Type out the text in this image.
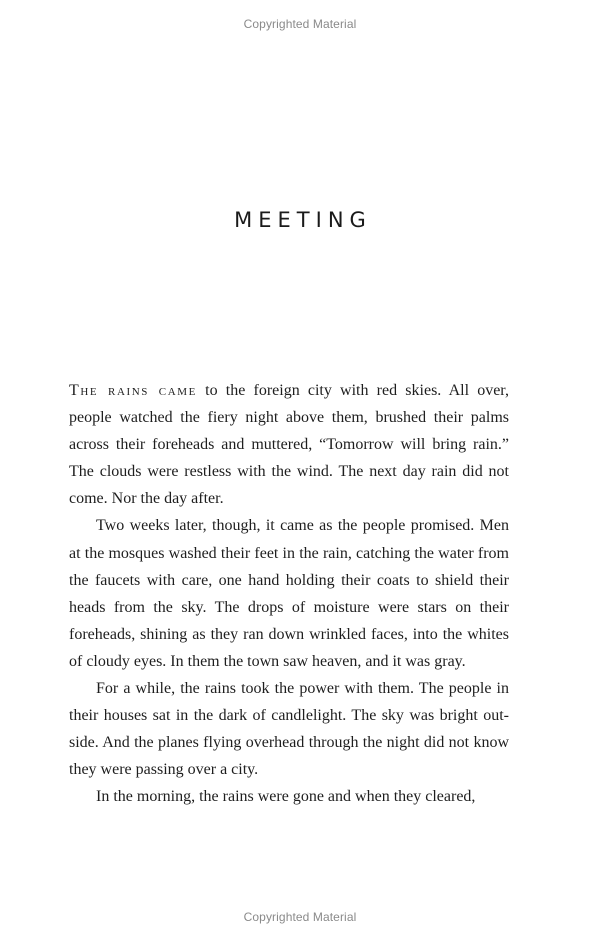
Copyrighted Material
MEETING

The rains came to the foreign city with red skies. All over, people watched the fiery night above them, brushed their palms across their foreheads and muttered, “Tomorrow will bring rain.” The clouds were restless with the wind. The next day rain did not come. Nor the day after.

Two weeks later, though, it came as the people promised. Men at the mosques washed their feet in the rain, catching the water from the faucets with care, one hand holding their coats to shield their heads from the sky. The drops of moisture were stars on their foreheads, shining as they ran down wrinkled faces, into the whites of cloudy eyes. In them the town saw heaven, and it was gray.

For a while, the rains took the power with them. The people in their houses sat in the dark of candlelight. The sky was bright outside. And the planes flying overhead through the night did not know they were passing over a city.

In the morning, the rains were gone and when they cleared,

Copyrighted Material
